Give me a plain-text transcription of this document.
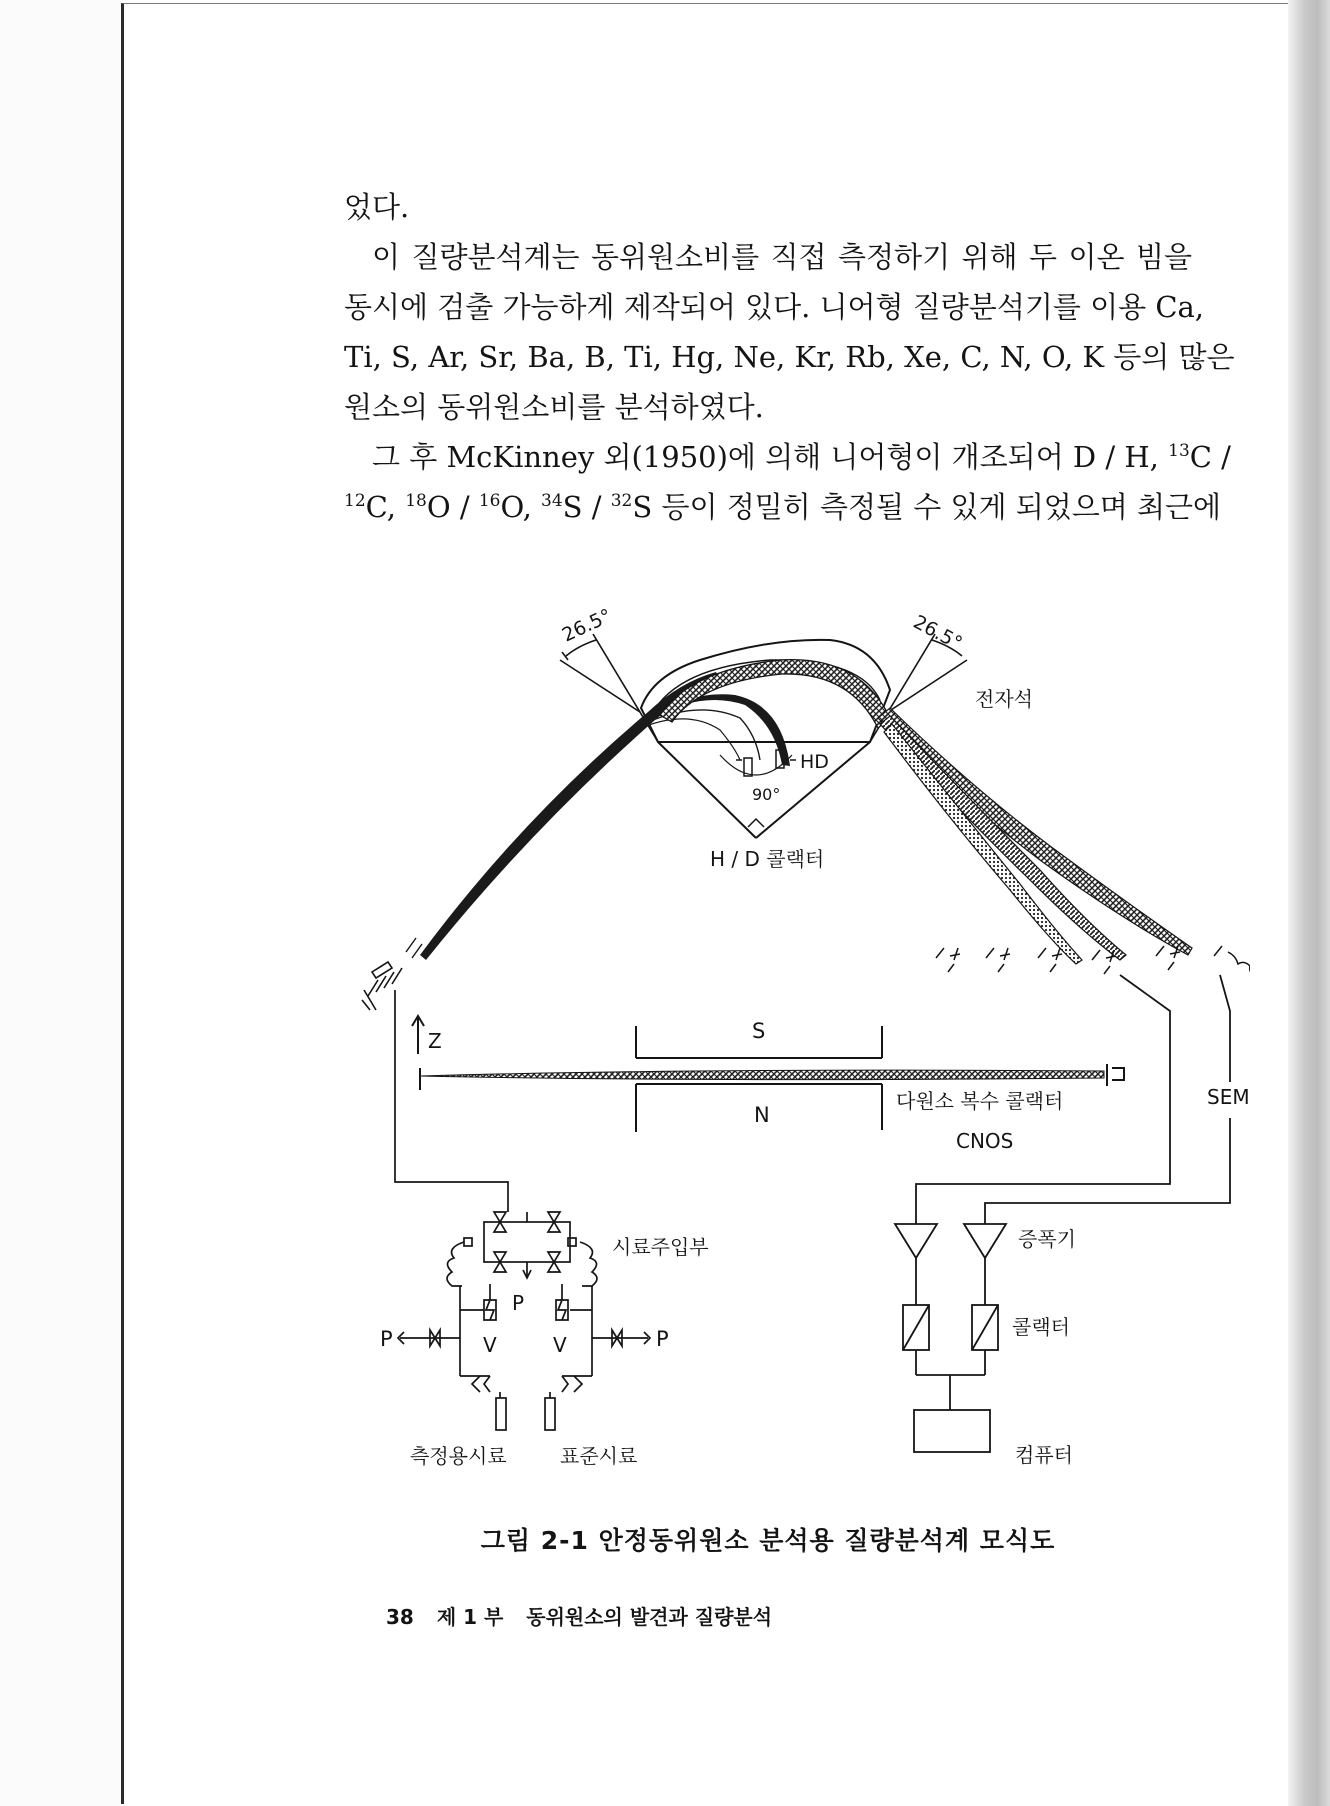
었다.
이 질량분석계는 동위원소비를 직접 측정하기 위해 두 이온 빔을
동시에 검출 가능하게 제작되어 있다. 니어형 질량분석기를 이용 Ca,
Ti, S, Ar, Sr, Ba, B, Ti, Hg, Ne, Kr, Rb, Xe, C, N, O, K 등의 많은
원소의 동위원소비를 분석하였다.
그 후 McKinney 외(1950)에 의해 니어형이 개조되어 D / H, $^{13}$C /
$^{12}$C, $^{18}$O / $^{16}$O, $^{34}$S / $^{32}$S 등이 정밀히 측정될 수 있게 되었으며 최근에
26.5°	26.5°
전자석
HD
90°
H / D 콜랙터
Z	S
N
다원소 복수 콜랙터
CNOS
SEM
증폭기
콜랙터
컴퓨터
시료주입부
P
P	P
V	V
측정용시료	표준시료

그림 2-1 안정동위원소 분석용 질량분석계 모식도

38 제 1 부 동위원소의 발견과 질량분석
